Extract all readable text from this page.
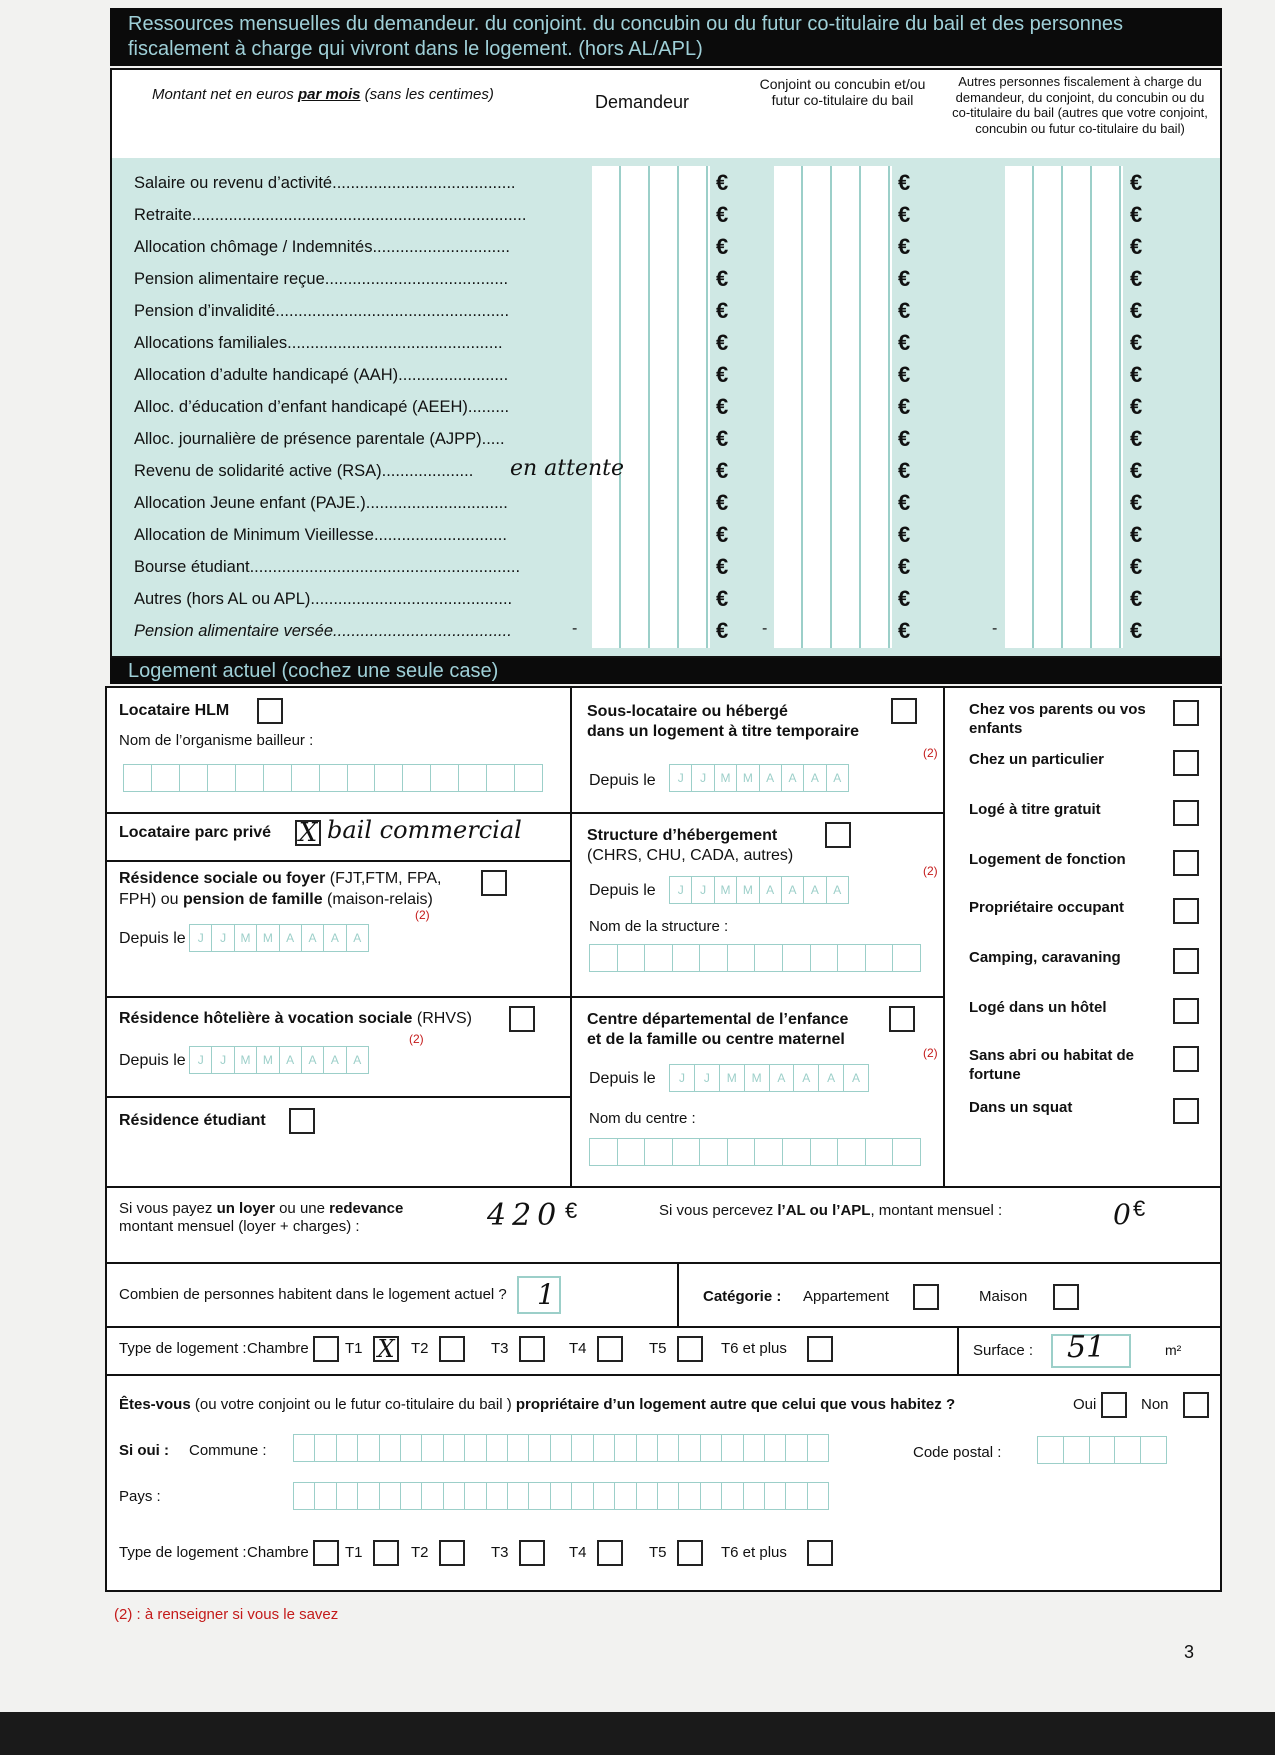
Ressources mensuelles du demandeur. du conjoint. du concubin ou du futur co-titulaire du bail et des personnes fiscalement à charge qui vivront dans le logement. (hors AL/APL)
Montant net en euros par mois (sans les centimes)	Demandeur
Conjoint ou concubin et/ou futur co-titulaire du bail
Autres personnes fiscalement à charge du demandeur, du conjoint, du concubin ou du co-titulaire du bail (autres que votre conjoint, concubin ou futur co-titulaire du bail)
Salaire ou revenu d’activité........................................	€	€	€
Retraite.........................................................................	€	€	€
Allocation chômage / Indemnités..............................	€	€	€
Pension alimentaire reçue........................................	€	€	€
Pension d’invalidité...................................................	€	€	€
Allocations familiales...............................................	€	€	€
Allocation d’adulte handicapé (AAH)........................	€	€	€
Alloc. d’éducation d’enfant handicapé (AEEH).........	€	€	€
Alloc. journalière de présence parentale (AJPP).....	€	€	€
Revenu de solidarité active (RSA).................... en attente	€	€	€
Allocation Jeune enfant (PAJE.)...............................	€	€	€
Allocation de Minimum Vieillesse.............................	€	€	€
Bourse étudiant...........................................................	€	€	€
Autres (hors AL ou APL)............................................	€	€	€
Pension alimentaire versée.......................................	€	€	€
-	-	-
Logement actuel (cochez une seule case)
Locataire HLM
Nom de l’organisme bailleur :
Locataire parc privé X bail commercial
Résidence sociale ou foyer (FJT,FTM, FPA,
FPH) ou pension de famille (maison-relais)
(2)
Depuis le J	J	M	M	A	A	A	A
Résidence hôtelière à vocation sociale (RHVS)
(2)
Depuis le J	J	M	M	A	A	A	A
Résidence étudiant
Sous-locataire ou hébergé
dans un logement à titre temporaire
(2)
Depuis le	J	J	M	M	A	A	A	A
Structure d’hébergement
(CHRS, CHU, CADA, autres)
(2)
Depuis le	J	J	M	M	A	A	A	A
Nom de la structure :
Centre départemental de l’enfance
et de la famille ou centre maternel
(2)
Depuis le	J	J	M	M	A	A	A	A
Nom du centre :
Chez vos parents ou vos enfants
Chez un particulier
Logé à titre gratuit
Logement de fonction
Propriétaire occupant
Camping, caravaning
Logé dans un hôtel
Sans abri ou habitat de fortune
Dans un squat
Si vous payez un loyer ou une redevance
montant mensuel (loyer + charges) :	420 €	Si vous percevez l’AL ou l’APL, montant mensuel :	0 €
Combien de personnes habitent dans le logement actuel ? 1	Catégorie : Appartement	Maison
Type de logement : Chambre T1 X T2	T3	T4	T5	T6 et plus	Surface : 51	m²
Êtes-vous (ou votre conjoint ou le futur co-titulaire du bail ) propriétaire d’un logement autre que celui que vous habitez ?	Oui	Non
Si oui : Commune :	Code postal :
Pays :
Type de logement : Chambre T1	T2	T3	T4	T5	T6 et plus
(2) : à renseigner si vous le savez
3
